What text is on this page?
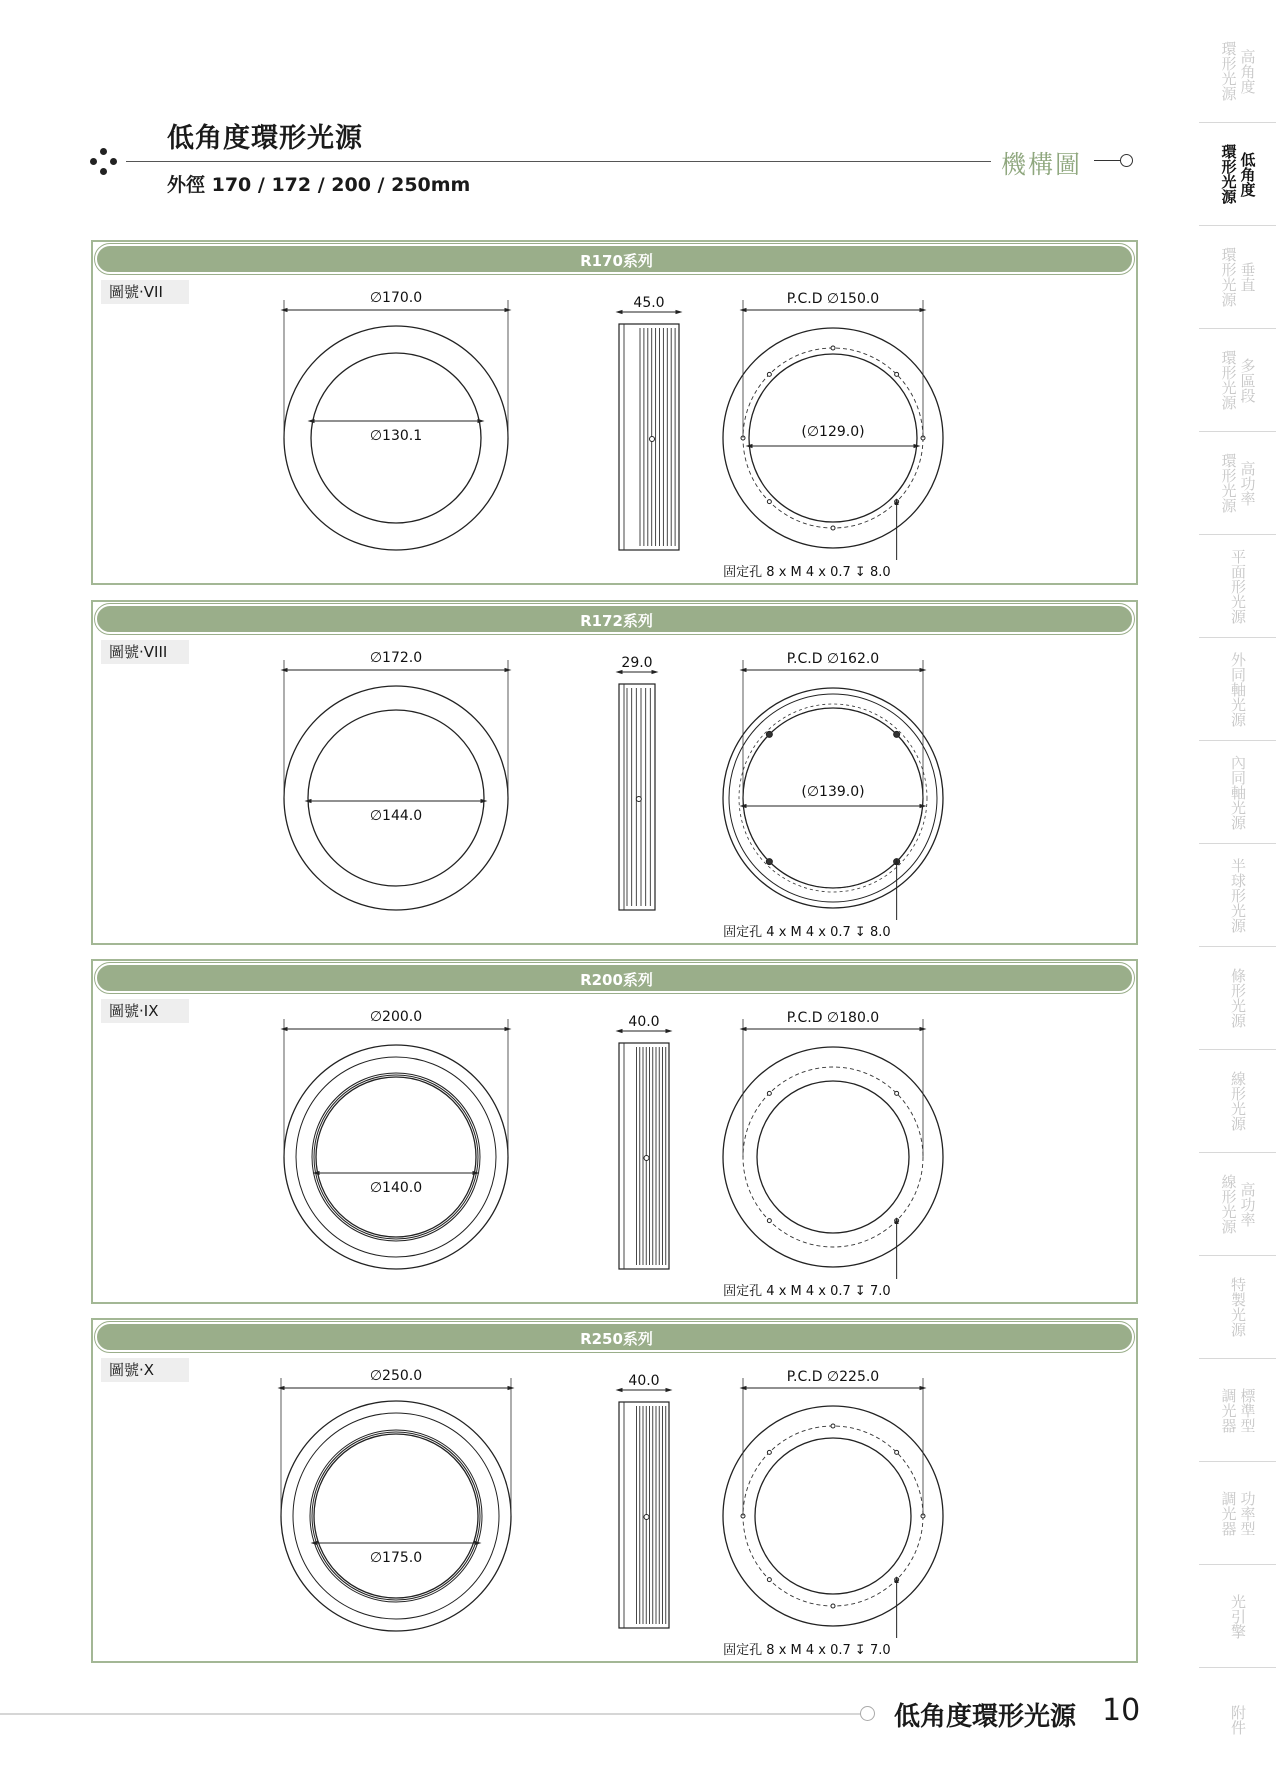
低角度環形光源
外徑 170 / 172 / 200 / 250mm
機構圖
環形光源 高角度
環形光源 低角度
環形光源 垂直
環形光源 多區段
環形光源 高功率
平面形光源
外同軸光源
內同軸光源
半球形光源
條形光源
線形光源
線形光源 高功率
特製光源
調光器 標準型
調光器 功率型
光引擎
附件
R170系列
圖號‧VII	∅170.0
∅130.1
45.0	P.C.D ∅150.0
(∅129.0)
固定孔 8 x M 4 x 0.7 ↧ 8.0
R172系列
圖號‧VIII	∅172.0
∅144.0
29.0	P.C.D ∅162.0
(∅139.0)
固定孔 4 x M 4 x 0.7 ↧ 8.0
R200系列
圖號‧IX	∅200.0
∅140.0
40.0	P.C.D ∅180.0
固定孔 4 x M 4 x 0.7 ↧ 7.0
R250系列
圖號‧X	∅250.0
∅175.0
40.0	P.C.D ∅225.0
固定孔 8 x M 4 x 0.7 ↧ 7.0
低角度環形光源 10
